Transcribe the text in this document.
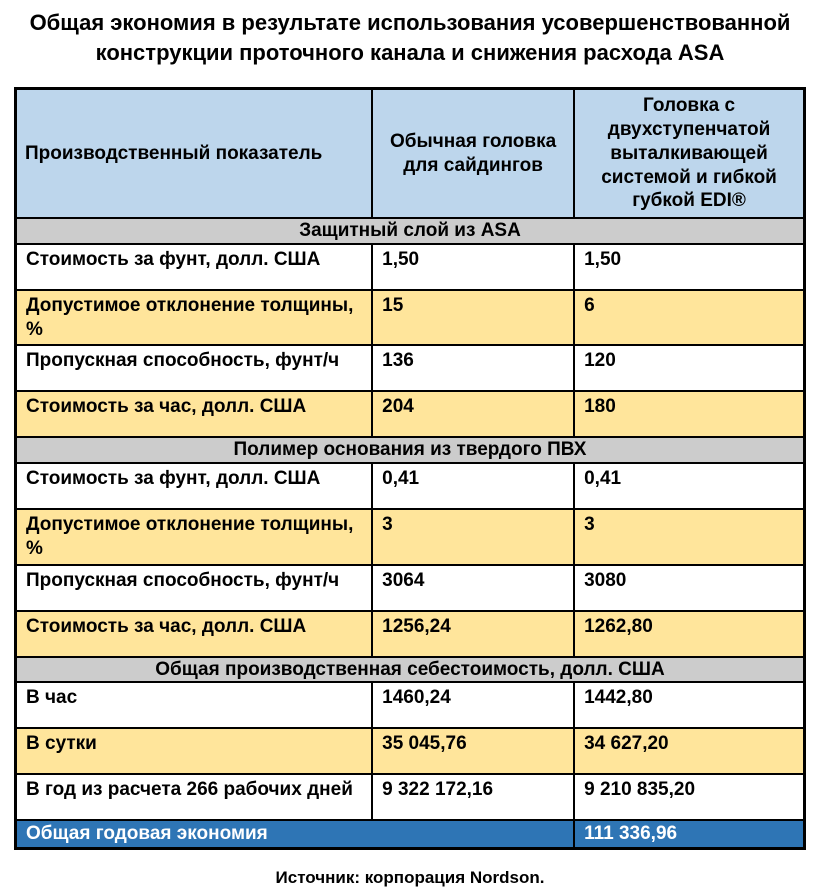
Общая экономия в результате использования усовершенствованной конструкции проточного канала и снижения расхода ASA
Производственный показатель	Обычная головка для сайдингов	Головка с двухступенчатой выталкивающей системой и гибкой губкой EDI®
Защитный слой из ASA		
Стоимость за фунт, долл. США	1,50	1,50
Допустимое отклонение толщины, %	15	6
Пропускная способность, фунт/ч	136	120
Стоимость за час, долл. США	204	180
Полимер основания из твердого ПВХ		
Стоимость за фунт, долл. США	0,41	0,41
Допустимое отклонение толщины, %	3	3
Пропускная способность, фунт/ч	3064	3080
Стоимость за час, долл. США	1256,24	1262,80
Общая производственная себестоимость, долл. США		
В час	1460,24	1442,80
В сутки	35 045,76	34 627,20
В год из расчета 266 рабочих дней	9 322 172,16	9 210 835,20
Общая годовая экономия		111 336,96
Источник: корпорация Nordson.
